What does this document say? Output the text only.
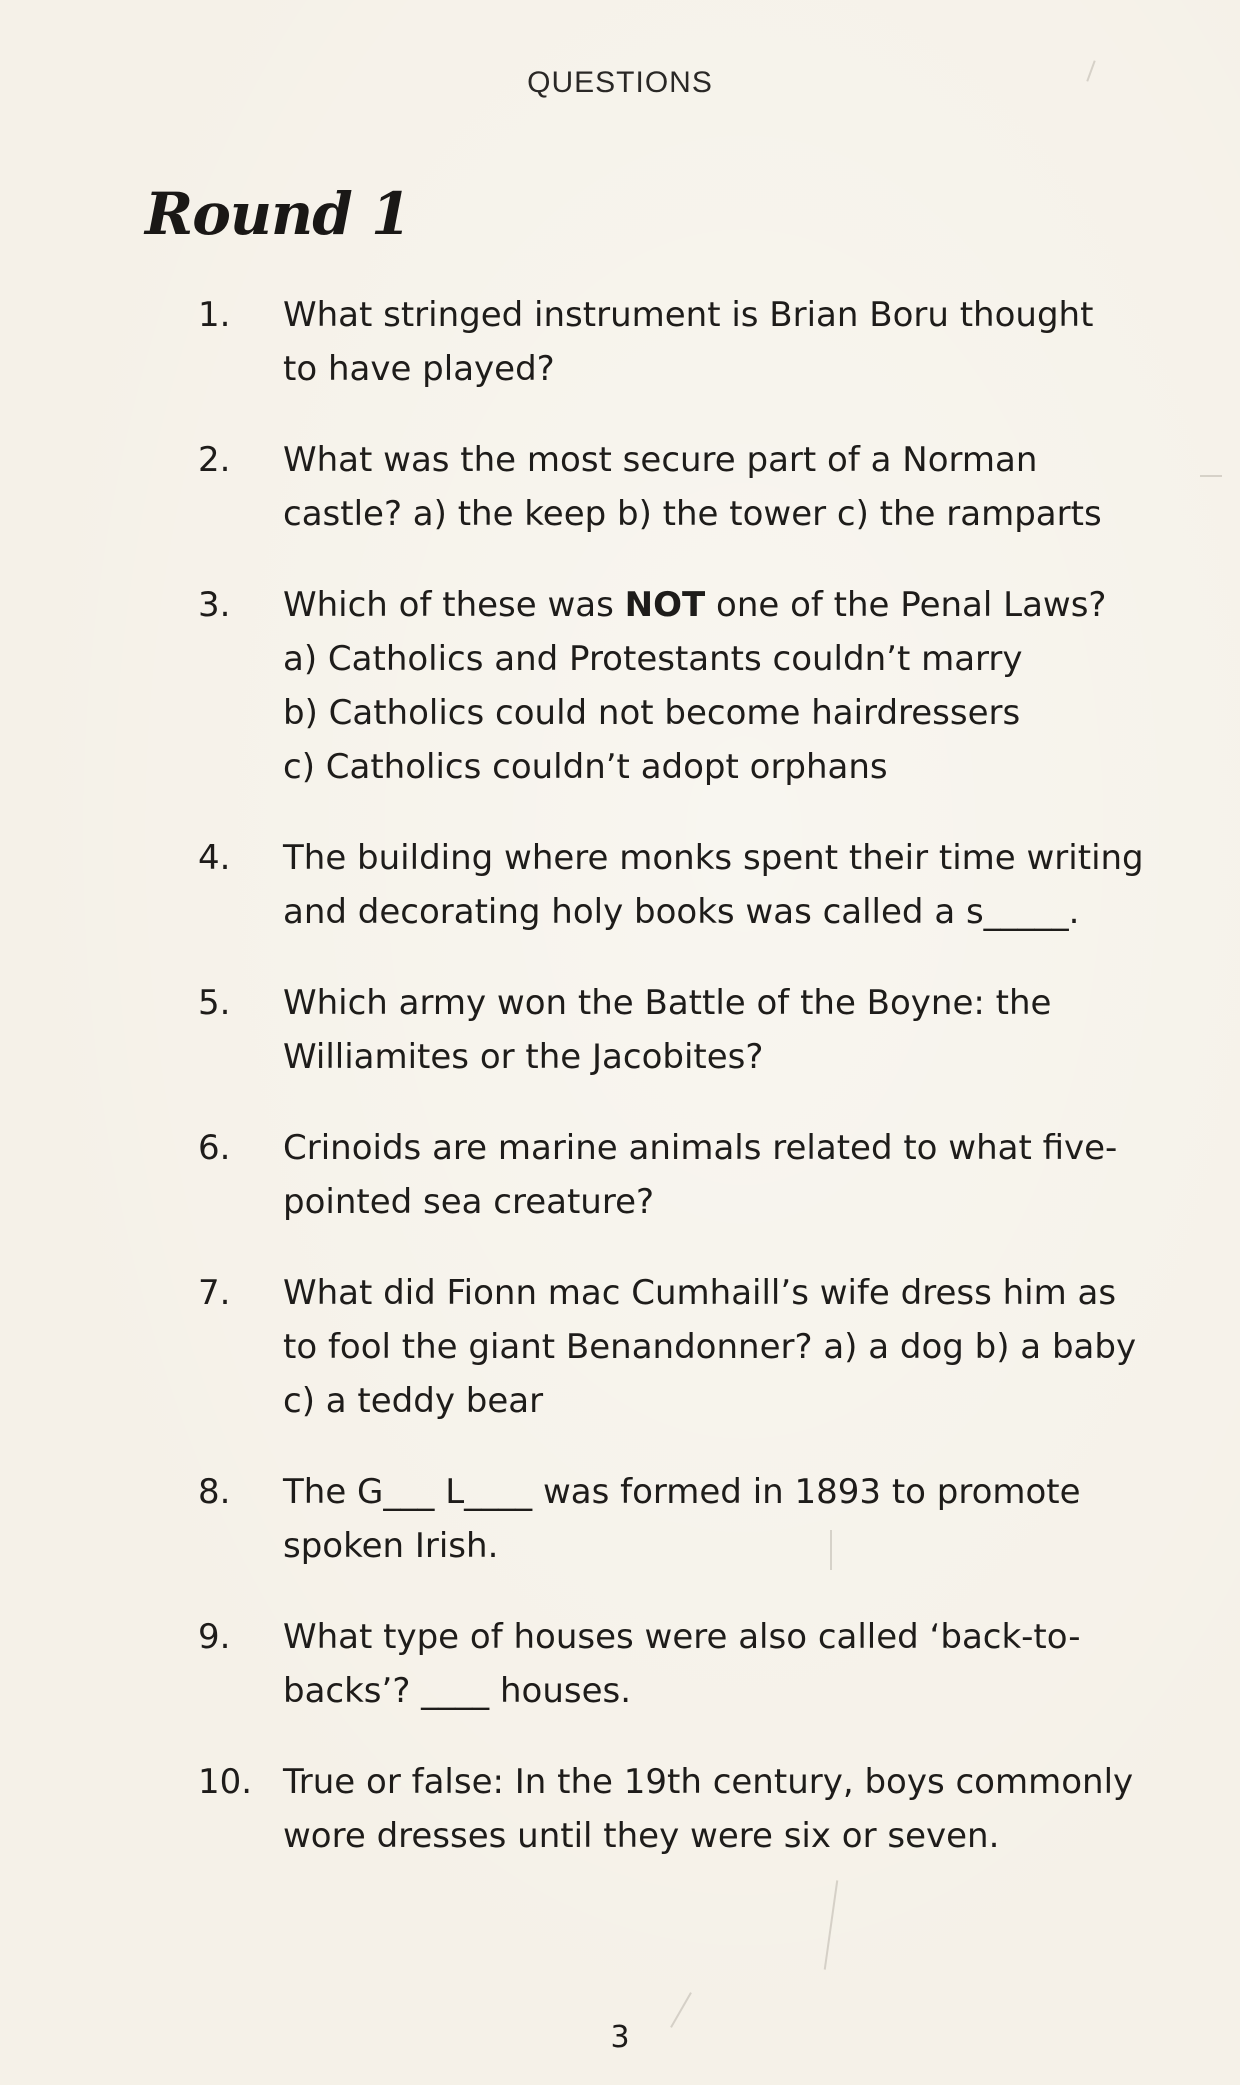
QUESTIONS
Round 1
1. What stringed instrument is Brian Boru thought
to have played?
2. What was the most secure part of a Norman
castle? a) the keep b) the tower c) the ramparts
3. Which of these was NOT one of the Penal Laws?
a) Catholics and Protestants couldn’t marry
b) Catholics could not become hairdressers
c) Catholics couldn’t adopt orphans
4. The building where monks spent their time writing
and decorating holy books was called a s_____.
5. Which army won the Battle of the Boyne: the
Williamites or the Jacobites?
6. Crinoids are marine animals related to what five-
pointed sea creature?
7. What did Fionn mac Cumhaill’s wife dress him as
to fool the giant Benandonner? a) a dog b) a baby
c) a teddy bear
8. The G___ L____ was formed in 1893 to promote
spoken Irish.
9. What type of houses were also called ‘back-to-
backs’? ____ houses.
10. True or false: In the 19th century, boys commonly
wore dresses until they were six or seven.
3
